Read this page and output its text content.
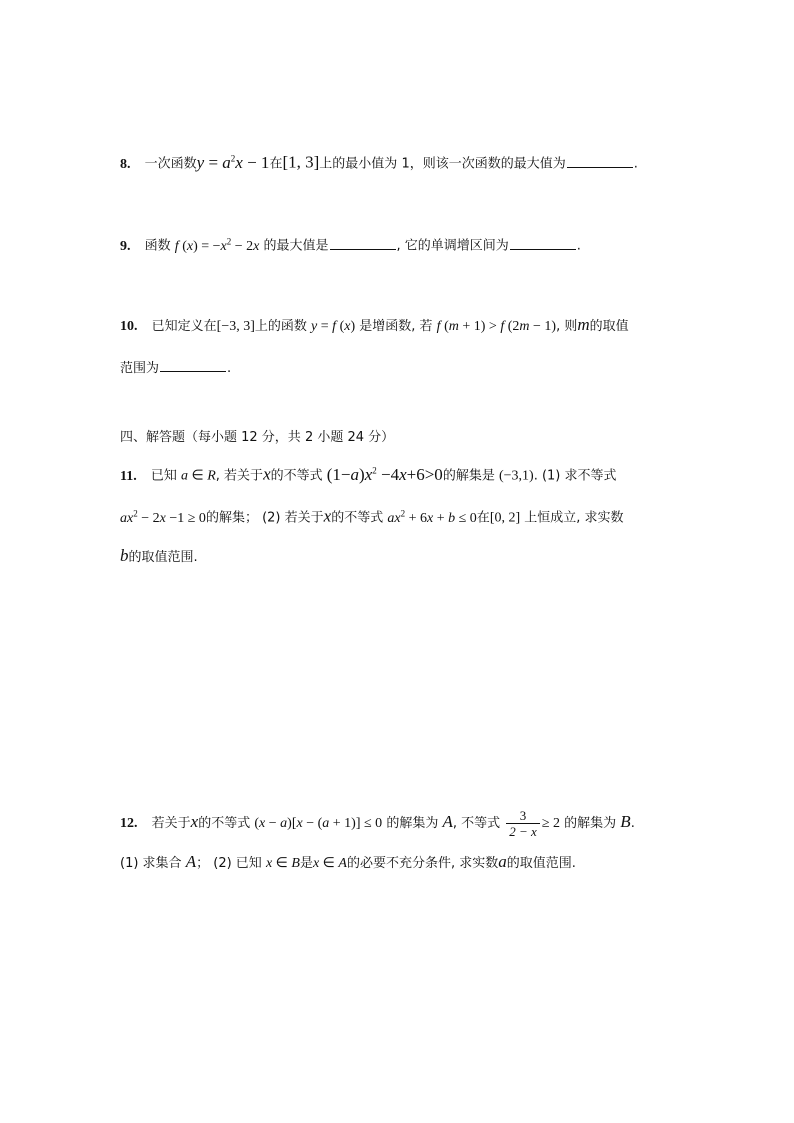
8. 一次函数$y = a^2x - 1$在[1, 3]上的最小值为 1，则该一次函数的最大值为	.
9. 函数 f $(x) = -x^2 - 2x$ 的最大值是	, 它的单调增区间为	.
10. 已知定义在[−3, 3]上的函数 y = f (x) 是增函数, 若 f (m + 1) > f (2m − 1), 则m的取值
范围为	.
四、解答题（每小题 12 分，共 2 小题 24 分）
11. 已知 a ∈ R, 若关于x的不等式 $(1-a)x^2 -4x+6>0$的解集是 (−3,1). (1) 求不等式
$ax^2 - 2x -1 \ge 0$的解集； (2) 若关于x的不等式 $ax^2 + 6x + b \le 0$在[0, 2] 上恒成立, 求实数
b的取值范围.
12. 若关于x的不等式 (x − a)[x − (a + 1)] ≤ 0 的解集为 A, 不等式 $\frac{3}{2 - x} \ge 2$ 的解集为 B.
(1) 求集合 A； (2) 已知 x ∈ B是x ∈ A的必要不充分条件, 求实数a的取值范围.
